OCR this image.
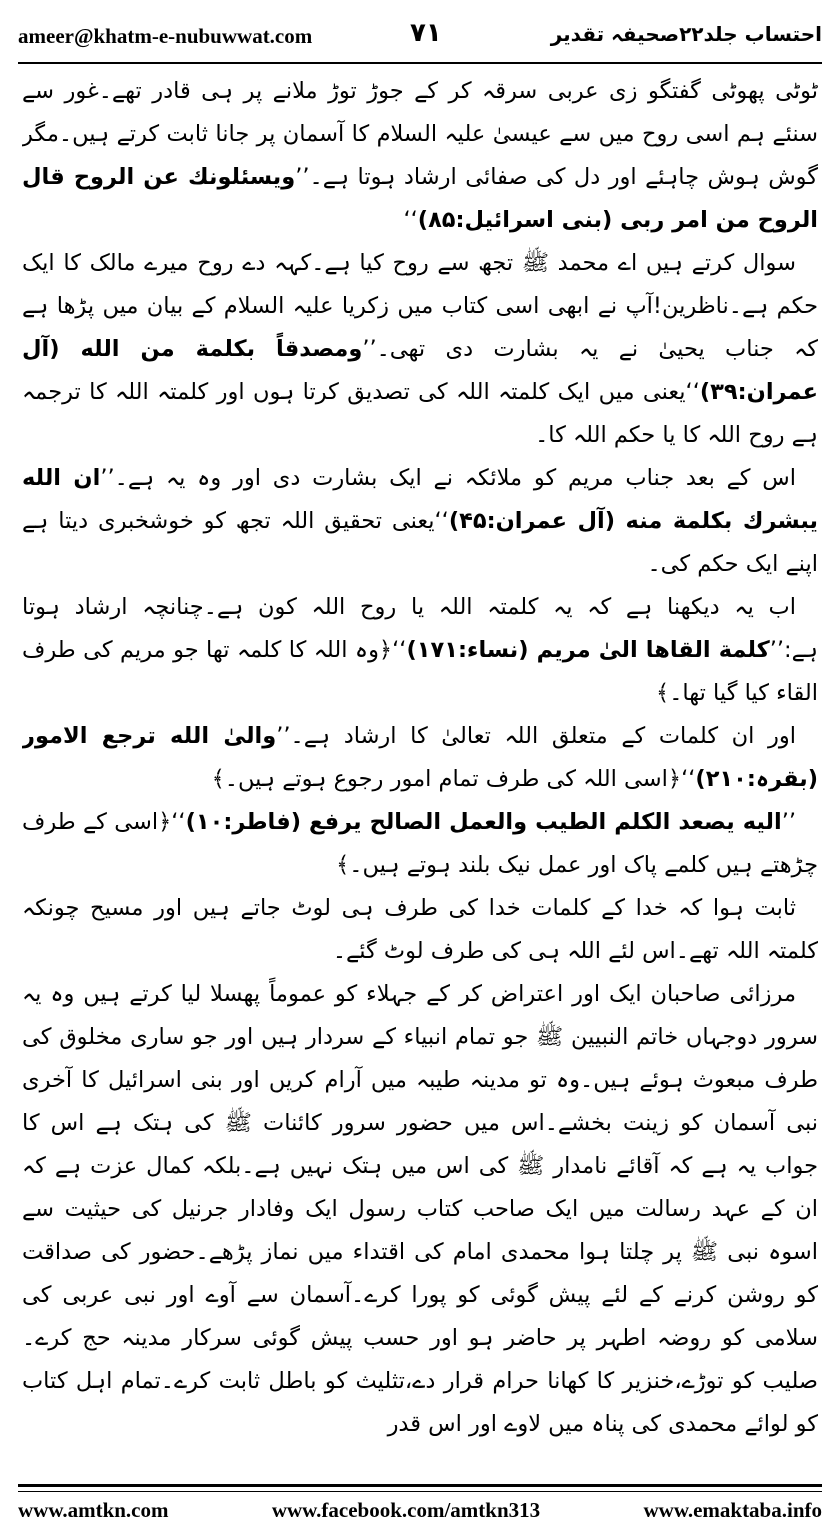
ameer@khatm-e-nubuwwat.com	۷۱	احتساب جلد۲۲صحیفہ تقدیر

ٹوٹی پھوٹی گفتگو زی عربی سرقہ کر کے جوڑ توڑ ملانے پر ہی قادر تھے۔غور سے سنئے ہم اسی روح میں سے عیسیٰ علیہ السلام کا آسمان پر جانا ثابت کرتے ہیں۔مگر گوش ہوش چاہئے اور دل کی صفائی ارشاد ہوتا ہے۔’’ویسئلونك عن الروح قال الروح من امر ربی (بنی اسرائیل:۸۵)‘‘

سوال کرتے ہیں اے محمد ﷺ تجھ سے روح کیا ہے۔کہہ دے روح میرے مالک کا ایک حکم ہے۔ناظرین!آپ نے ابھی اسی کتاب میں زکریا علیہ السلام کے بیان میں پڑھا ہے کہ جناب یحییٰ نے یہ بشارت دی تھی۔’’ومصدقاً بکلمة من الله (آل عمران:۳۹)‘‘یعنی میں ایک کلمتہ اللہ کی تصدیق کرتا ہوں اور کلمتہ اللہ کا ترجمہ ہے روح اللہ کا یا حکم اللہ کا۔

اس کے بعد جناب مریم کو ملائکہ نے ایک بشارت دی اور وہ یہ ہے۔’’ان الله یبشرك بکلمة منه (آل عمران:۴۵)‘‘یعنی تحقیق اللہ تجھ کو خوشخبری دیتا ہے اپنے ایک حکم کی۔

اب یہ دیکھنا ہے کہ یہ کلمتہ اللہ یا روح اللہ کون ہے۔چنانچہ ارشاد ہوتا ہے:’’کلمة القاها الیٰ مریم (نساء:۱۷۱)‘‘﴿وہ اللہ کا کلمہ تھا جو مریم کی طرف القاء کیا گیا تھا۔﴾

اور ان کلمات کے متعلق اللہ تعالیٰ کا ارشاد ہے۔’’والیٰ الله ترجع الامور (بقرہ:۲۱۰)‘‘﴿اسی اللہ کی طرف تمام امور رجوع ہوتے ہیں۔﴾

’’الیه یصعد الکلم الطیب والعمل الصالح یرفع (فاطر:۱۰)‘‘﴿اسی کے طرف چڑھتے ہیں کلمے پاک اور عمل نیک بلند ہوتے ہیں۔﴾

ثابت ہوا کہ خدا کے کلمات خدا کی طرف ہی لوٹ جاتے ہیں اور مسیح چونکہ کلمتہ اللہ تھے۔اس لئے اللہ ہی کی طرف لوٹ گئے۔

مرزائی صاحبان ایک اور اعتراض کر کے جہلاء کو عموماً پھسلا لیا کرتے ہیں وہ یہ سرور دوجہاں خاتم النبیین ﷺ جو تمام انبیاء کے سردار ہیں اور جو ساری مخلوق کی طرف مبعوث ہوئے ہیں۔وہ تو مدینہ طیبہ میں آرام کریں اور بنی اسرائیل کا آخری نبی آسمان کو زینت بخشے۔اس میں حضور سرور کائنات ﷺ کی ہتک ہے اس کا جواب یہ ہے کہ آقائے نامدار ﷺ کی اس میں ہتک نہیں ہے۔بلکہ کمال عزت ہے کہ ان کے عہد رسالت میں ایک صاحب کتاب رسول ایک وفادار جرنیل کی حیثیت سے اسوہ نبی ﷺ پر چلتا ہوا محمدی امام کی اقتداء میں نماز پڑھے۔حضور کی صداقت کو روشن کرنے کے لئے پیش گوئی کو پورا کرے۔آسمان سے آوے اور نبی عربی کی سلامی کو روضہ اطہر پر حاضر ہو اور حسب پیش گوئی سرکار مدینہ حج کرے۔صلیب کو توڑے،خنزیر کا کھانا حرام قرار دے،تثلیث کو باطل ثابت کرے۔تمام اہل کتاب کو لوائے محمدی کی پناہ میں لاوے اور اس قدر

www.amtkn.com	www.facebook.com/amtkn313	www.emaktaba.info
